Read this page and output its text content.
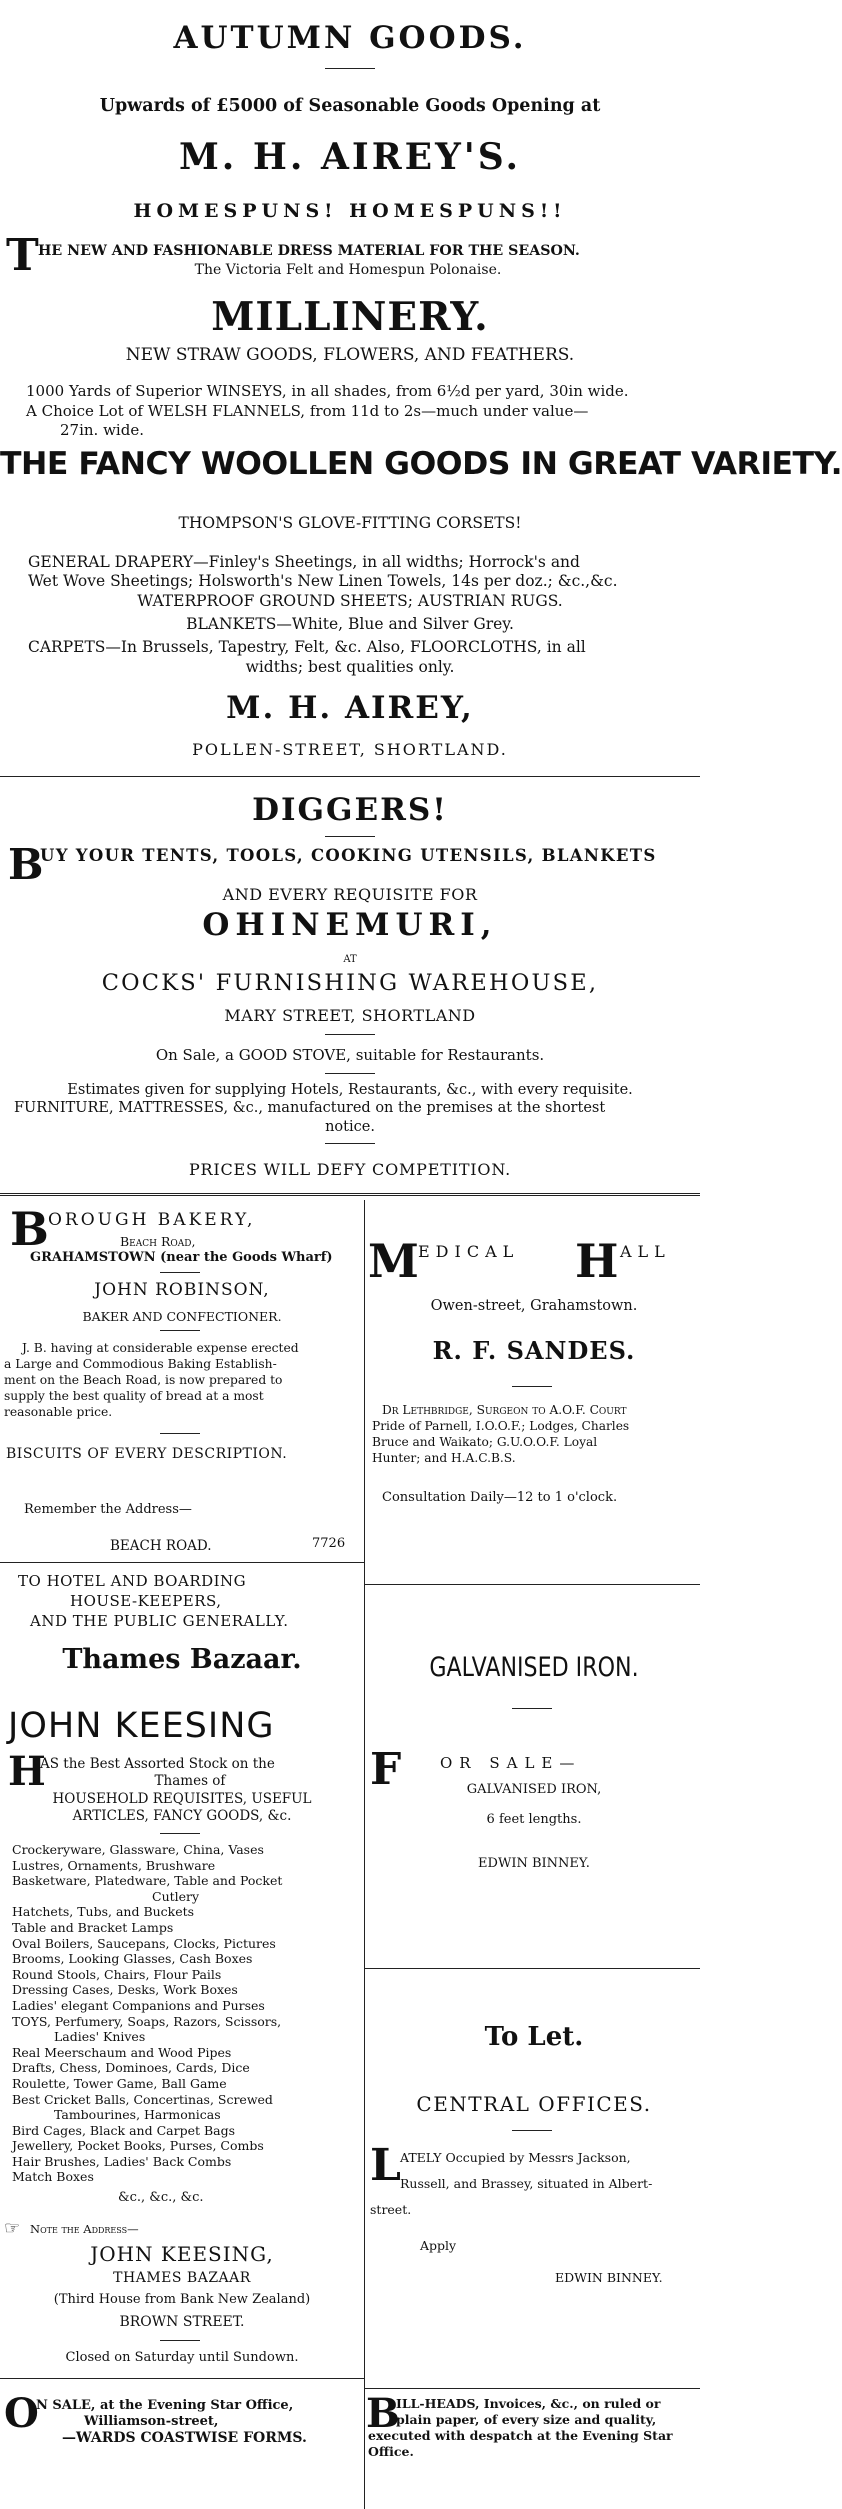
AUTUMN GOODS.
Upwards of £5000 of Seasonable Goods Opening at
M. H. AIREY'S.
HOMESPUNS! HOMESPUNS!!
T HE NEW AND FASHIONABLE DRESS MATERIAL FOR THE SEASON.
The Victoria Felt and Homespun Polonaise.
MILLINERY.
NEW STRAW GOODS, FLOWERS, AND FEATHERS.
1000 Yards of Superior WINSEYS, in all shades, from 6½d per yard, 30in wide.
A Choice Lot of WELSH FLANNELS, from 11d to 2s—much under value—
27in. wide.
THE FANCY WOOLLEN GOODS IN GREAT VARIETY.
THOMPSON'S GLOVE-FITTING CORSETS!
GENERAL DRAPERY—Finley's Sheetings, in all widths; Horrock's and
Wet Wove Sheetings; Holsworth's New Linen Towels, 14s per doz.; &c.,&c.
WATERPROOF GROUND SHEETS; AUSTRIAN RUGS.
BLANKETS—White, Blue and Silver Grey.
CARPETS—In Brussels, Tapestry, Felt, &c. Also, FLOORCLOTHS, in all
widths; best qualities only.
M. H. AIREY,
POLLEN-STREET, SHORTLAND.
DIGGERS!
B
UY YOUR TENTS, TOOLS, COOKING UTENSILS, BLANKETS
AND EVERY REQUISITE FOR
OHINEMURI,
AT
COCKS' FURNISHING WAREHOUSE,
MARY STREET, SHORTLAND
On Sale, a GOOD STOVE, suitable for Restaurants.
Estimates given for supplying Hotels, Restaurants, &c., with every requisite.
FURNITURE, MATTRESSES, &c., manufactured on the premises at the shortest
notice.
PRICES WILL DEFY COMPETITION.
B OROUGH BAKERY,
Beach Road,
GRAHAMSTOWN (near the Goods Wharf)
JOHN ROBINSON,
BAKER AND CONFECTIONER.
J. B. having at considerable expense erected
a Large and Commodious Baking Establish-
ment on the Beach Road, is now prepared to
supply the best quality of bread at a most
reasonable price.
BISCUITS OF EVERY DESCRIPTION.
Remember the Address—
BEACH ROAD.	7726
M EDICAL H ALL
Owen-street, Grahamstown.
R. F. SANDES.
Dr Lethbridge, Surgeon to A.O.F. Court
Pride of Parnell, I.O.O.F.; Lodges, Charles
Bruce and Waikato; G.U.O.O.F. Loyal
Hunter; and H.A.C.B.S.
Consultation Daily—12 to 1 o'clock.
TO HOTEL AND BOARDING
HOUSE-KEEPERS,
AND THE PUBLIC GENERALLY.
Thames Bazaar.
JOHN KEESING
H
AS the Best Assorted Stock on the
Thames of
HOUSEHOLD REQUISITES, USEFUL
ARTICLES, FANCY GOODS, &c.
Crockeryware, Glassware, China, Vases
Lustres, Ornaments, Brushware
Basketware, Platedware, Table and Pocket
Cutlery
Hatchets, Tubs, and Buckets
Table and Bracket Lamps
Oval Boilers, Saucepans, Clocks, Pictures
Brooms, Looking Glasses, Cash Boxes
Round Stools, Chairs, Flour Pails
Dressing Cases, Desks, Work Boxes
Ladies' elegant Companions and Purses
TOYS, Perfumery, Soaps, Razors, Scissors,
Ladies' Knives
Real Meerschaum and Wood Pipes
Drafts, Chess, Dominoes, Cards, Dice
Roulette, Tower Game, Ball Game
Best Cricket Balls, Concertinas, Screwed
Tambourines, Harmonicas
Bird Cages, Black and Carpet Bags
Jewellery, Pocket Books, Purses, Combs
Hair Brushes, Ladies' Back Combs
Match Boxes
&c., &c., &c.
☞ Note the Address—
JOHN KEESING,
THAMES BAZAAR
(Third House from Bank New Zealand)
BROWN STREET.
Closed on Saturday until Sundown.
GALVANISED IRON.
F	OR SALE—
GALVANISED IRON,
6 feet lengths.
EDWIN BINNEY.
To Let.
CENTRAL OFFICES.
L ATELY Occupied by Messrs Jackson,
Russell, and Brassey, situated in Albert-
street.
Apply
EDWIN BINNEY.
O
N SALE, at the Evening Star Office,
Williamson-street,
—WARDS COASTWISE FORMS.
B
ILL-HEADS, Invoices, &c., on ruled or
plain paper, of every size and quality,
executed with despatch at the Evening Star
Office.
